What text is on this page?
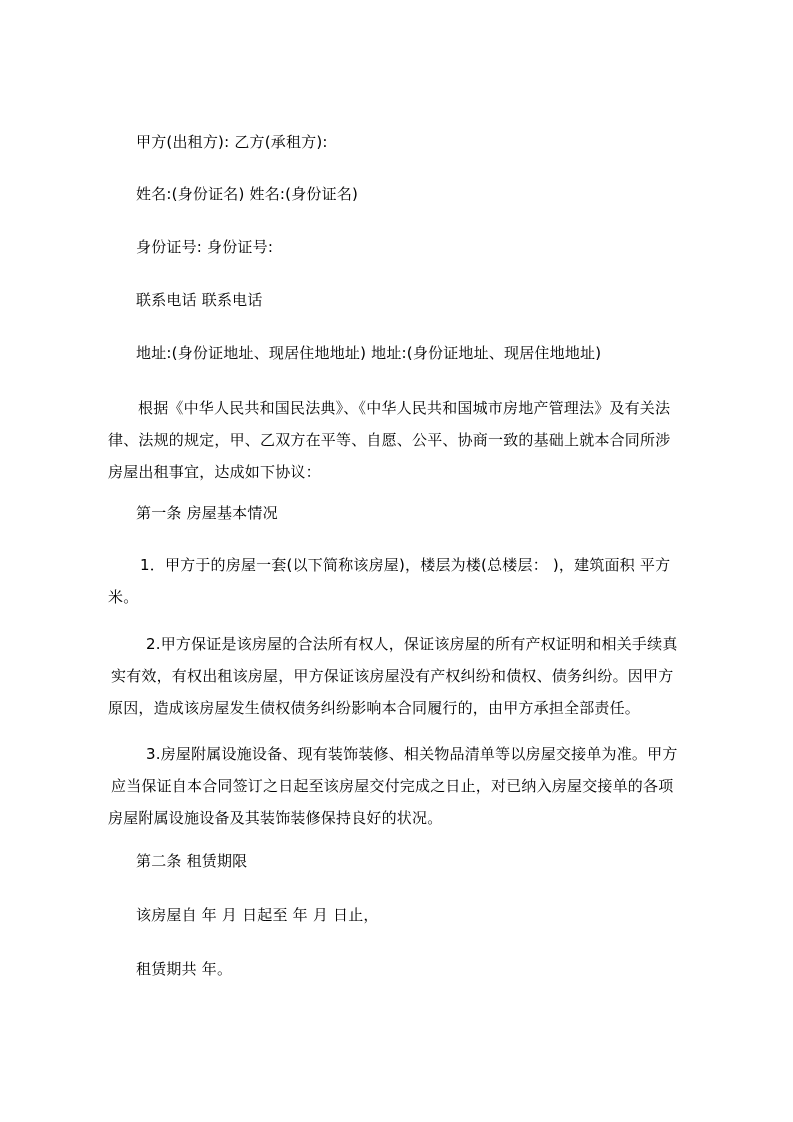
甲方(出租方): 乙方(承租方):
姓名:(身份证名) 姓名:(身份证名)
身份证号: 身份证号:
联系电话 联系电话
地址:(身份证地址、现居住地地址) 地址:(身份证地址、现居住地地址)
根据《中华人民共和国民法典》、《中华人民共和国城市房地产管理法》及有关法
律、法规的规定，甲、乙双方在平等、自愿、公平、协商一致的基础上就本合同所涉
房屋出租事宜，达成如下协议：
第一条 房屋基本情况
1．甲方于的房屋一套(以下简称该房屋)，楼层为楼(总楼层： )，建筑面积 平方
米。
2.甲方保证是该房屋的合法所有权人，保证该房屋的所有产权证明和相关手续真
实有效，有权出租该房屋，甲方保证该房屋没有产权纠纷和债权、债务纠纷。因甲方
原因，造成该房屋发生债权债务纠纷影响本合同履行的，由甲方承担全部责任。
3.房屋附属设施设备、现有装饰装修、相关物品清单等以房屋交接单为准。甲方
应当保证自本合同签订之日起至该房屋交付完成之日止，对已纳入房屋交接单的各项
房屋附属设施设备及其装饰装修保持良好的状况。
第二条 租赁期限
该房屋自 年 月 日起至 年 月 日止，
租赁期共 年。
